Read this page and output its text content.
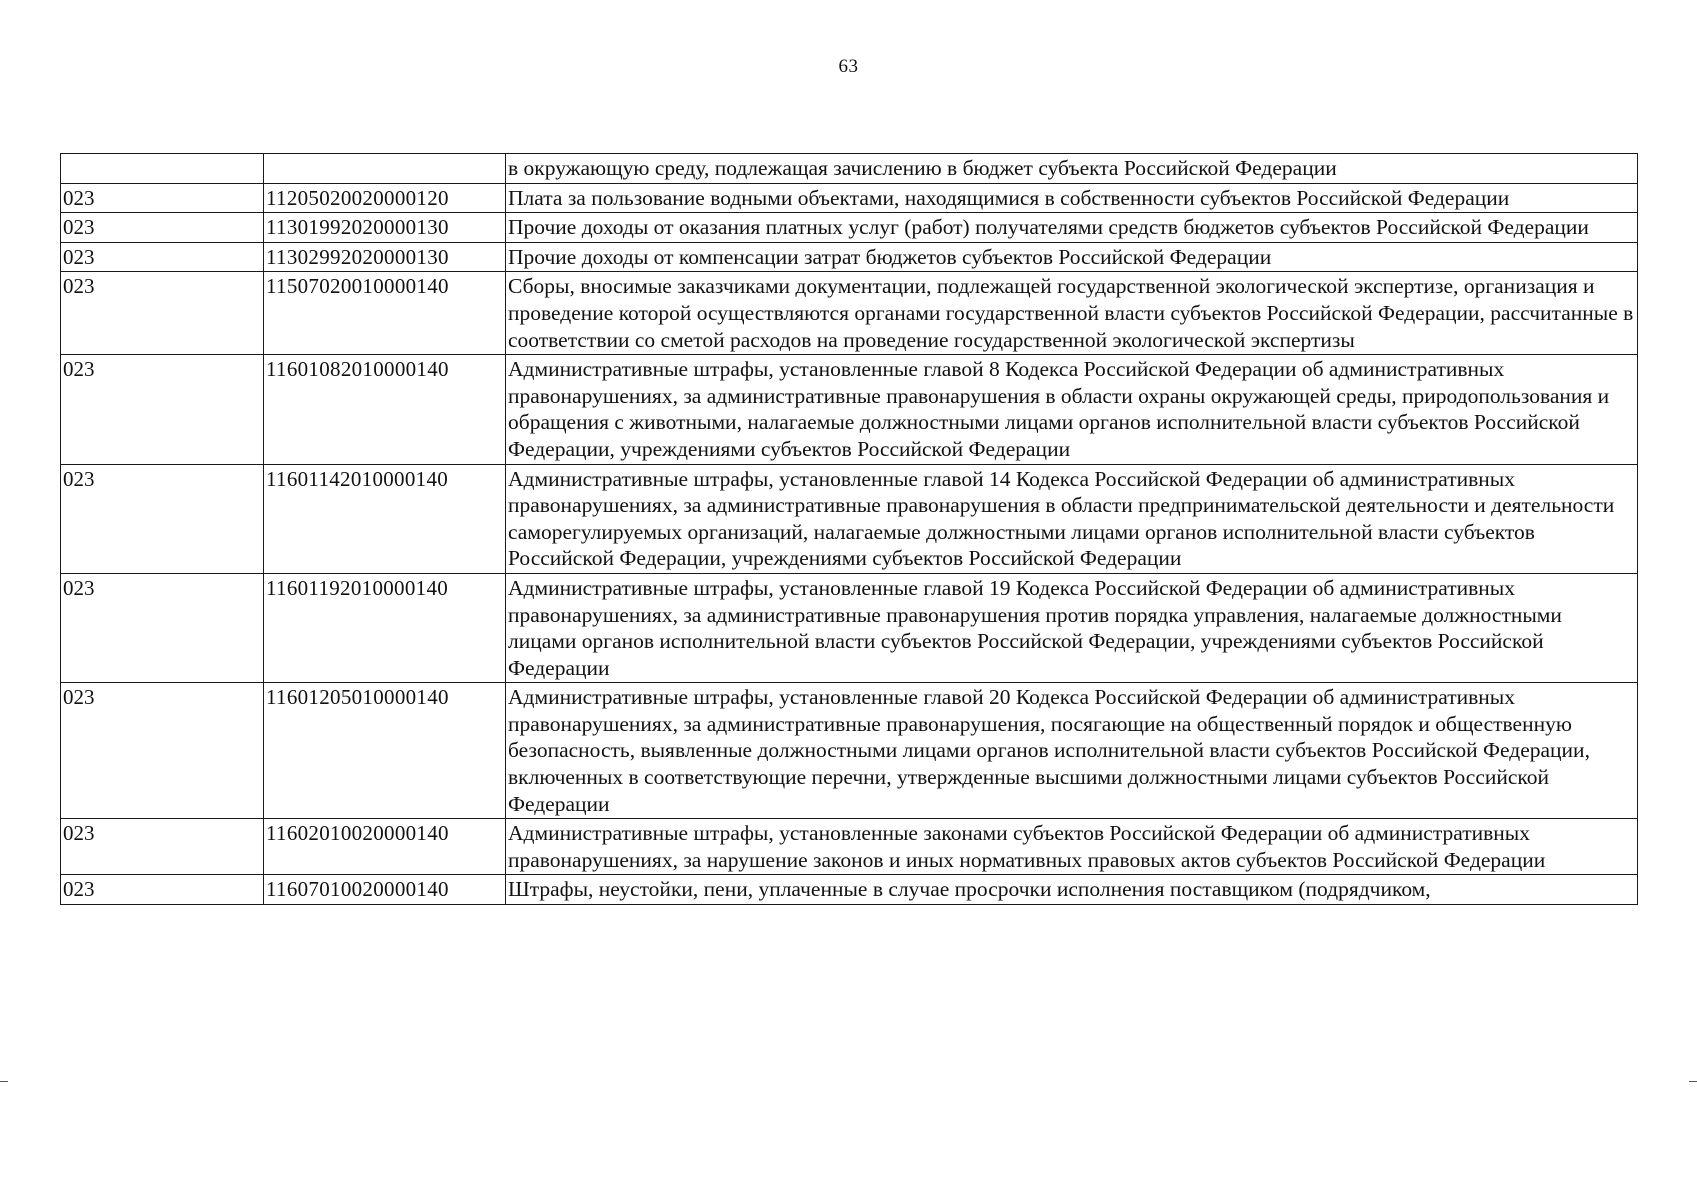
63
		в окружающую среду, подлежащая зачислению в бюджет субъекта Российской Федерации
023	11205020020000120	Плата за пользование водными объектами, находящимися в собственности субъектов Российской Федерации
023	11301992020000130	Прочие доходы от оказания платных услуг (работ) получателями средств бюджетов субъектов Российской Федерации
023	11302992020000130	Прочие доходы от компенсации затрат бюджетов субъектов Российской Федерации
023	11507020010000140	Сборы, вносимые заказчиками документации, подлежащей государственной экологической экспертизе, организация и проведение которой осуществляются органами государственной власти субъектов Российской Федерации, рассчитанные в соответствии со сметой расходов на проведение государственной экологической экспертизы
023	11601082010000140	Административные штрафы, установленные главой 8 Кодекса Российской Федерации об административных правонарушениях, за административные правонарушения в области охраны окружающей среды, природопользования и обращения с животными, налагаемые должностными лицами органов исполнительной власти субъектов Российской Федерации, учреждениями субъектов Российской Федерации
023	11601142010000140	Административные штрафы, установленные главой 14 Кодекса Российской Федерации об административных правонарушениях, за административные правонарушения в области предпринимательской деятельности и деятельности саморегулируемых организаций, налагаемые должностными лицами органов исполнительной власти субъектов Российской Федерации, учреждениями субъектов Российской Федерации
023	11601192010000140	Административные штрафы, установленные главой 19 Кодекса Российской Федерации об административных правонарушениях, за административные правонарушения против порядка управления, налагаемые должностными лицами органов исполнительной власти субъектов Российской Федерации, учреждениями субъектов Российской Федерации
023	11601205010000140	Административные штрафы, установленные главой 20 Кодекса Российской Федерации об административных правонарушениях, за административные правонарушения, посягающие на общественный порядок и общественную безопасность, выявленные должностными лицами органов исполнительной власти субъектов Российской Федерации, включенных в соответствующие перечни, утвержденные высшими должностными лицами субъектов Российской Федерации
023	11602010020000140	Административные штрафы, установленные законами субъектов Российской Федерации об административных правонарушениях, за нарушение законов и иных нормативных правовых актов субъектов Российской Федерации
023	11607010020000140	Штрафы, неустойки, пени, уплаченные в случае просрочки исполнения поставщиком (подрядчиком,
